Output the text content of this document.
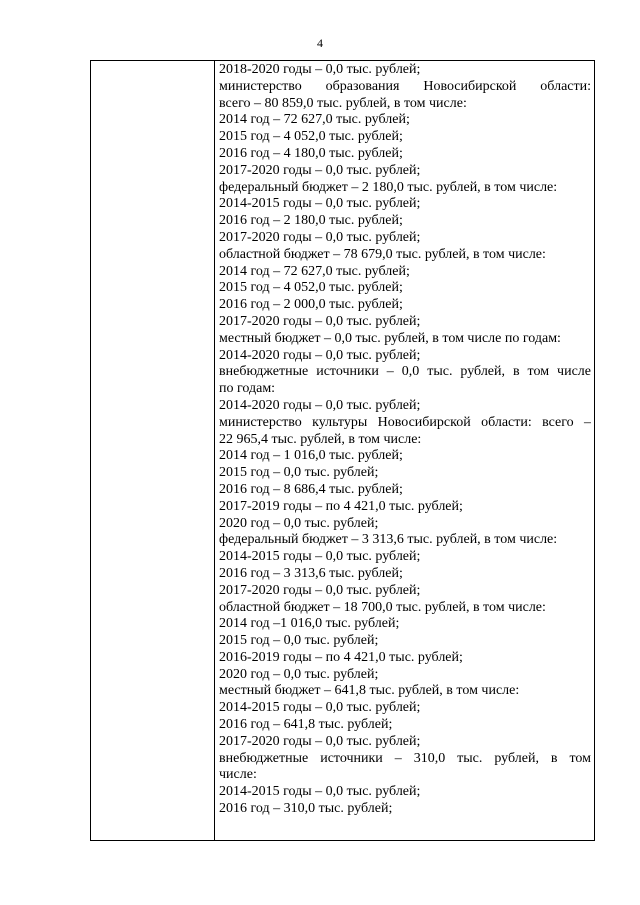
4
2018-2020 годы – 0,0 тыс. рублей;
министерство образования Новосибирской области:
всего – 80 859,0 тыс. рублей, в том числе:
2014 год – 72 627,0 тыс. рублей;
2015 год – 4 052,0 тыс. рублей;
2016 год – 4 180,0 тыс. рублей;
2017-2020 годы – 0,0 тыс. рублей;
федеральный бюджет – 2 180,0 тыс. рублей, в том числе:
2014-2015 годы – 0,0 тыс. рублей;
2016 год – 2 180,0 тыс. рублей;
2017-2020 годы – 0,0 тыс. рублей;
областной бюджет – 78 679,0 тыс. рублей, в том числе:
2014 год – 72 627,0 тыс. рублей;
2015 год – 4 052,0 тыс. рублей;
2016 год – 2 000,0 тыс. рублей;
2017-2020 годы – 0,0 тыс. рублей;
местный бюджет – 0,0 тыс. рублей, в том числе по годам:
2014-2020 годы – 0,0 тыс. рублей;
внебюджетные источники – 0,0 тыс. рублей, в том числе
по годам:
2014-2020 годы – 0,0 тыс. рублей;
министерство культуры Новосибирской области: всего –
22 965,4 тыс. рублей, в том числе:
2014 год – 1 016,0 тыс. рублей;
2015 год – 0,0 тыс. рублей;
2016 год – 8 686,4 тыс. рублей;
2017-2019 годы – по 4 421,0 тыс. рублей;
2020 год – 0,0 тыс. рублей;
федеральный бюджет – 3 313,6 тыс. рублей, в том числе:
2014-2015 годы – 0,0 тыс. рублей;
2016 год – 3 313,6 тыс. рублей;
2017-2020 годы – 0,0 тыс. рублей;
областной бюджет – 18 700,0 тыс. рублей, в том числе:
2014 год –1 016,0 тыс. рублей;
2015 год – 0,0 тыс. рублей;
2016-2019 годы – по 4 421,0 тыс. рублей;
2020 год – 0,0 тыс. рублей;
местный бюджет – 641,8 тыс. рублей, в том числе:
2014-2015 годы – 0,0 тыс. рублей;
2016 год – 641,8 тыс. рублей;
2017-2020 годы – 0,0 тыс. рублей;
внебюджетные источники – 310,0 тыс. рублей, в том
числе:
2014-2015 годы – 0,0 тыс. рублей;
2016 год – 310,0 тыс. рублей;
